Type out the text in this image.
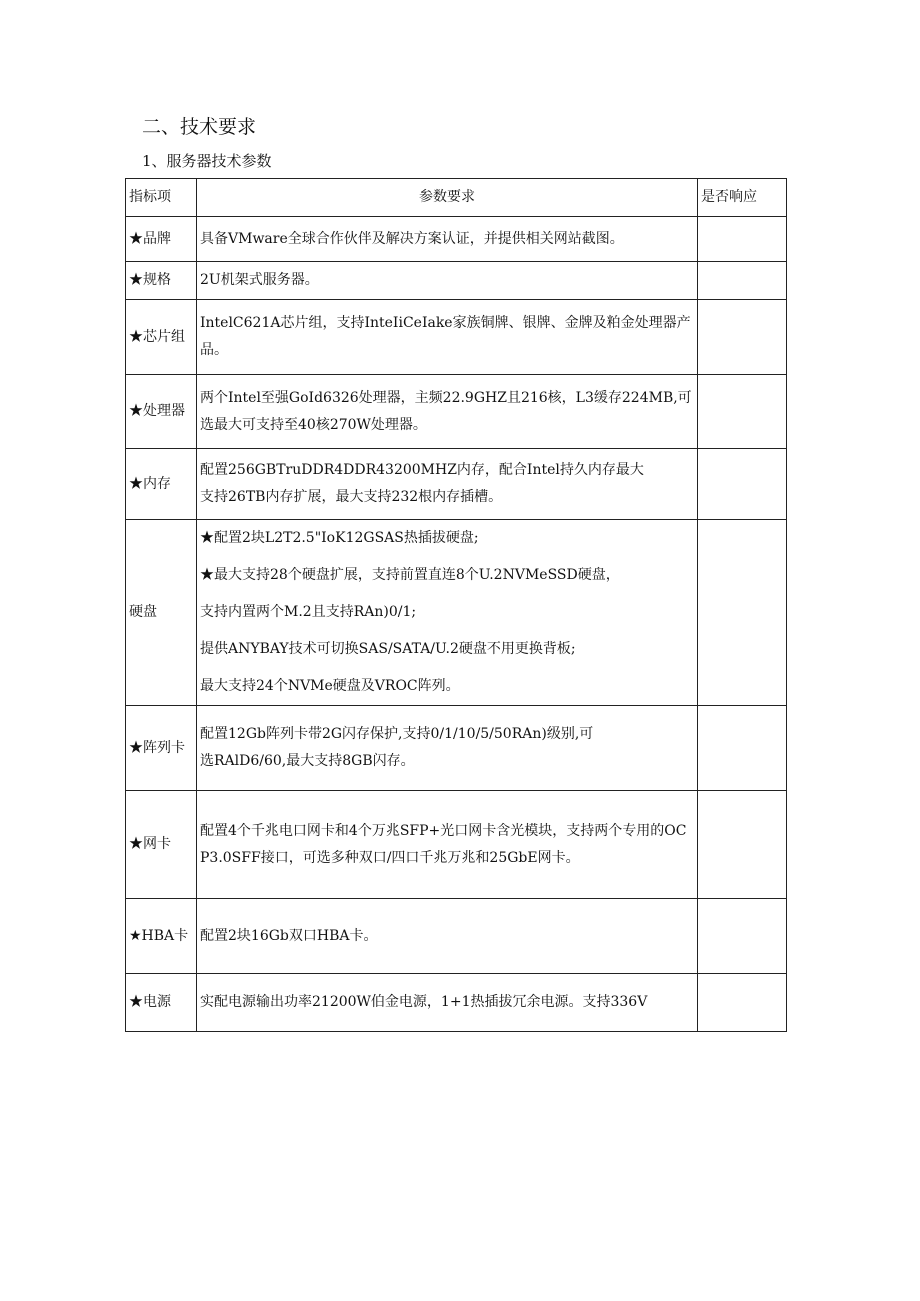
二、技术要求
1、服务器技术参数
指标项	参数要求	是否响应
★品牌	具备VMware全球合作伙伴及解决方案认证，并提供相关网站截图。	

★规格	2U机架式服务器。	

★芯片组	IntelC621A芯片组，支持InteIiCeIake家族铜牌、银牌、金牌及粕金处理器产品。	

★处理器	两个Intel至强GoId6326处理器，主频22.9GHZ且216核，L3缓存224MB,可选最大可支持至40核270W处理器。	

★内存	配置256GBTruDDR4DDR43200MHZ内存，配合Intel持久内存最大
支持26TB内存扩展，最大支持232根内存插槽。	

硬盘	★配置2块L2T2.5"IoK12GSAS热插拔硬盘;
★最大支持28个硬盘扩展，支持前置直连8个U.2NVMeSSD硬盘，
支持内置两个M.2且支持RAn)0/1;
提供ANYBAY技术可切换SAS/SATA/U.2硬盘不用更换背板;
最大支持24个NVMe硬盘及VROC阵列。	

★阵列卡	配置12Gb阵列卡带2G闪存保护,支持0/1/10/5/50RAn)级别,可
选RAlD6/60,最大支持8GB闪存。	

★网卡	配置4个千兆电口网卡和4个万兆SFP+光口网卡含光模块，支持两个专用的OCP3.0SFF接口，可选多种双口/四口千兆万兆和25GbE网卡。	

★HBA卡	配置2块16Gb双口HBA卡。	

★电源	实配电源输出功率21200W伯金电源，1+1热插拔冗余电源。支持336V	
